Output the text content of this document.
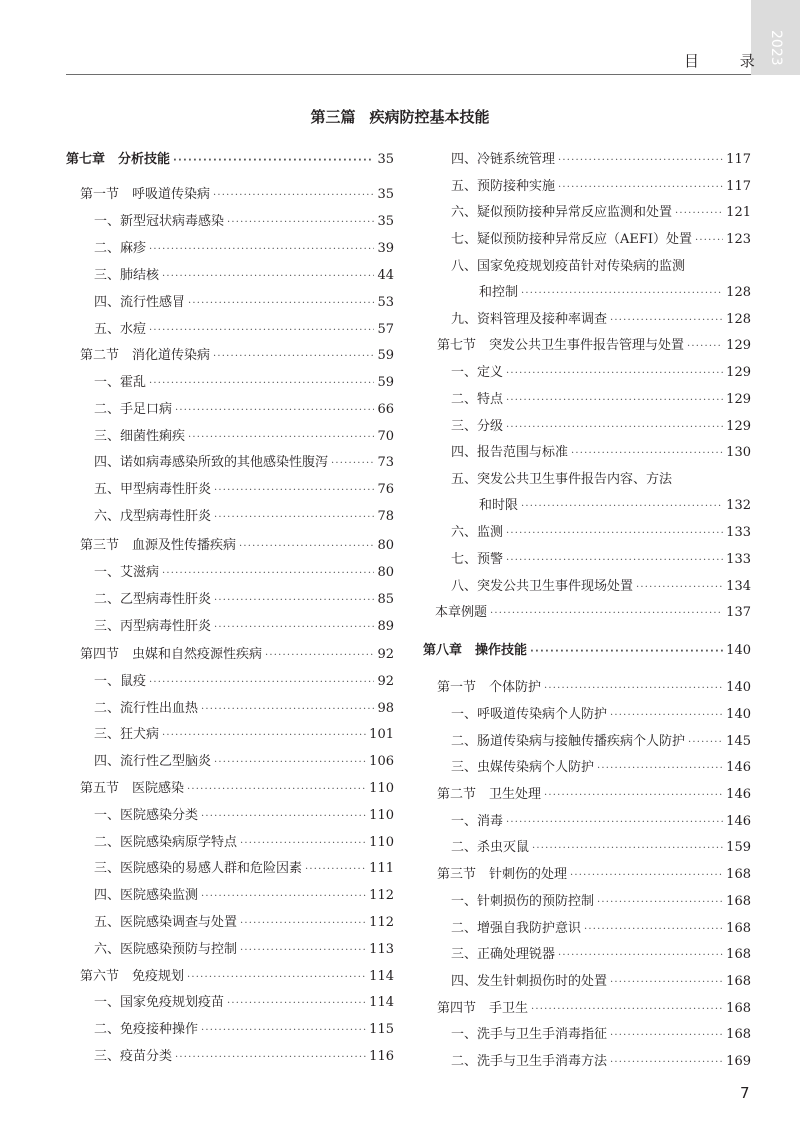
2023
目 录
第三篇 疾病防控基本技能
第七章　分析技能 ·····	35
第一节　呼吸道传染病 ·····	35
一、新型冠状病毒感染 ·····	35
二、麻疹 ·····	39
三、肺结核 ·····	44
四、流行性感冒 ·····	53
五、水痘 ·····	57
第二节　消化道传染病 ·····	59
一、霍乱 ·····	59
二、手足口病 ·····	66
三、细菌性痢疾 ·····	70
四、诺如病毒感染所致的其他感染性腹泻 ·····	73
五、甲型病毒性肝炎 ·····	76
六、戊型病毒性肝炎 ·····	78
第三节　血源及性传播疾病 ·····	80
一、艾滋病 ·····	80
二、乙型病毒性肝炎 ·····	85
三、丙型病毒性肝炎 ·····	89
第四节　虫媒和自然疫源性疾病 ·····	92
一、鼠疫 ·····	92
二、流行性出血热 ·····	98
三、狂犬病 ·····	101
四、流行性乙型脑炎 ·····	106
第五节　医院感染 ·····	110
一、医院感染分类 ·····	110
二、医院感染病原学特点 ·····	110
三、医院感染的易感人群和危险因素 ·····	111
四、医院感染监测 ·····	112
五、医院感染调查与处置 ·····	112
六、医院感染预防与控制 ·····	113
第六节　免疫规划 ·····	114
一、国家免疫规划疫苗 ·····	114
二、免疫接种操作 ·····	115
三、疫苗分类 ·····	116
四、冷链系统管理 ·····	117
五、预防接种实施 ·····	117
六、疑似预防接种异常反应监测和处置 ·····	121
七、疑似预防接种异常反应（AEFI）处置 ·····	123
八、国家免疫规划疫苗针对传染病的监测
和控制 ·····	128
九、资料管理及接种率调查 ·····	128
第七节　突发公共卫生事件报告管理与处置 ·····	129
一、定义 ·····	129
二、特点 ·····	129
三、分级 ·····	129
四、报告范围与标准 ·····	130
五、突发公共卫生事件报告内容、方法
和时限 ·····	132
六、监测 ·····	133
七、预警 ·····	133
八、突发公共卫生事件现场处置 ·····	134
本章例题 ·····	137
第八章　操作技能 ·····	140
第一节　个体防护 ·····	140
一、呼吸道传染病个人防护 ·····	140
二、肠道传染病与接触传播疾病个人防护 ·····	145
三、虫媒传染病个人防护 ·····	146
第二节　卫生处理 ·····	146
一、消毒 ·····	146
二、杀虫灭鼠 ·····	159
第三节　针刺伤的处理 ·····	168
一、针刺损伤的预防控制 ·····	168
二、增强自我防护意识 ·····	168
三、正确处理锐器 ·····	168
四、发生针刺损伤时的处置 ·····	168
第四节　手卫生 ·····	168
一、洗手与卫生手消毒指征 ·····	168
二、洗手与卫生手消毒方法 ·····	169
7
